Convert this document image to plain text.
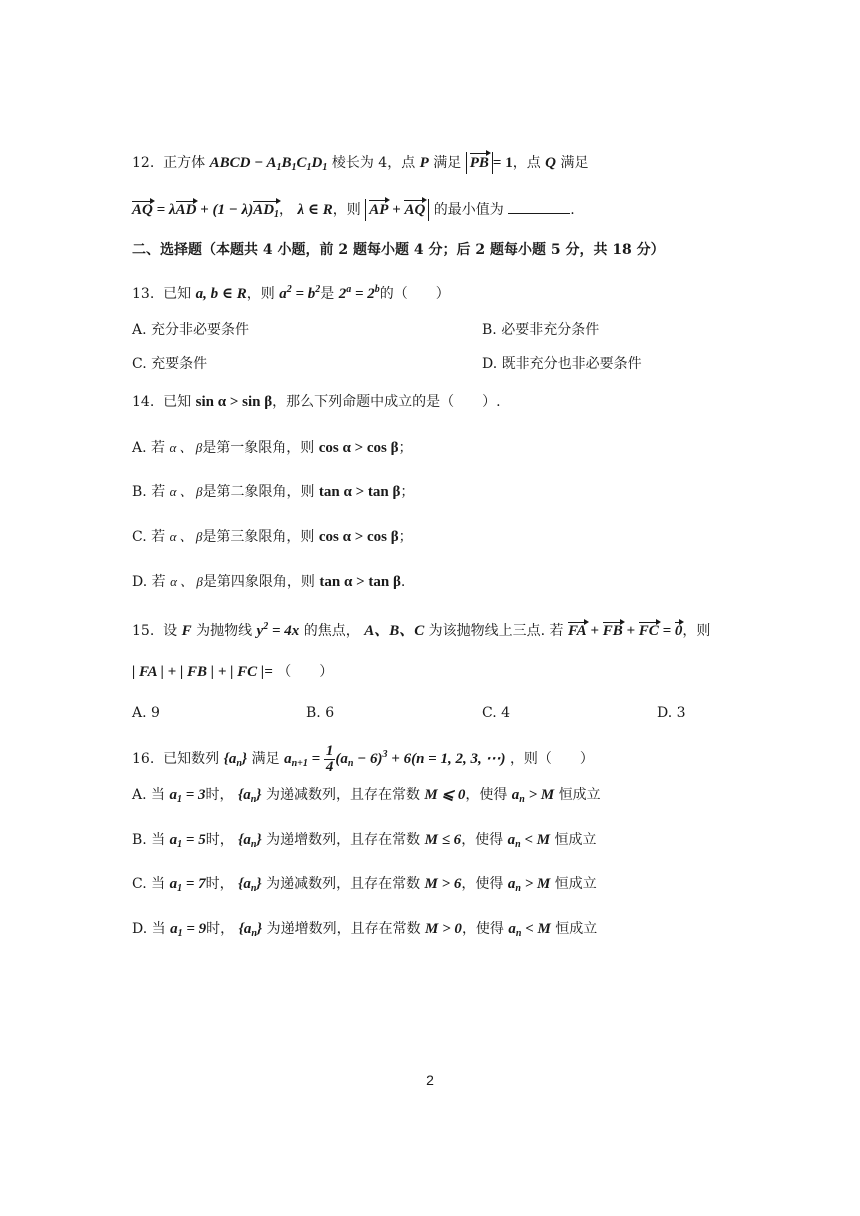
12. 正方体 ABCD − $A_1B_1C_1D_1$ 棱长为 4，点 P 满足 PB = 1，点 Q 满足
AQ = $\lambda AD + (1 - \lambda)AD_1$， λ ∈ R，则 AP + AQ 的最小值为	.
二、选择题（本题共 4 小题，前 2 题每小题 4 分；后 2 题每小题 5 分，共 18 分）
13. 已知 a, b ∈ R，则 $a^2 = b^2$是 $2^a = 2^b$的（　　）
A. 充分非必要条件	B. 必要非充分条件
C. 充要条件	D. 既非充分也非必要条件
14. 已知 sin α > sin β，那么下列命题中成立的是（　　）.
A. 若 α 、 β是第一象限角，则 cos α > cos β；
B. 若 α 、 β是第二象限角，则 tan α > tan β；
C. 若 α 、 β是第三象限角，则 cos α > cos β；
D. 若 α 、 β是第四象限角，则 tan α > tan β.
15. 设 F 为抛物线 $y^2 = 4x$ 的焦点， A、B、C 为该抛物线上三点. 若 FA + FB + FC = 0，则
| FA | + | FB | + | FC |= （　　）
A. 9	B. 6	C. 4	D. 3
16. 已知数列 $\{a_n\}$ 满足 $a_{n+1} = \frac{1}{4} (a_n - 6)^3 + 6(n = 1$, 2, 3, ⋯) ，则（　　）
A. 当 $a_1 = 3$时， $\{a_n\}$ 为递减数列，且存在常数 M ⩽ 0，使得 $a_n > M$ 恒成立
B. 当 $a_1 = 5$时， $\{a_n\}$ 为递增数列，且存在常数 M ≤ 6，使得 $a_n < M$ 恒成立
C. 当 $a_1 = 7$时， $\{a_n\}$ 为递减数列，且存在常数 M > 6，使得 $a_n > M$ 恒成立
D. 当 $a_1 = 9$时， $\{a_n\}$ 为递增数列，且存在常数 M > 0，使得 $a_n < M$ 恒成立
2
